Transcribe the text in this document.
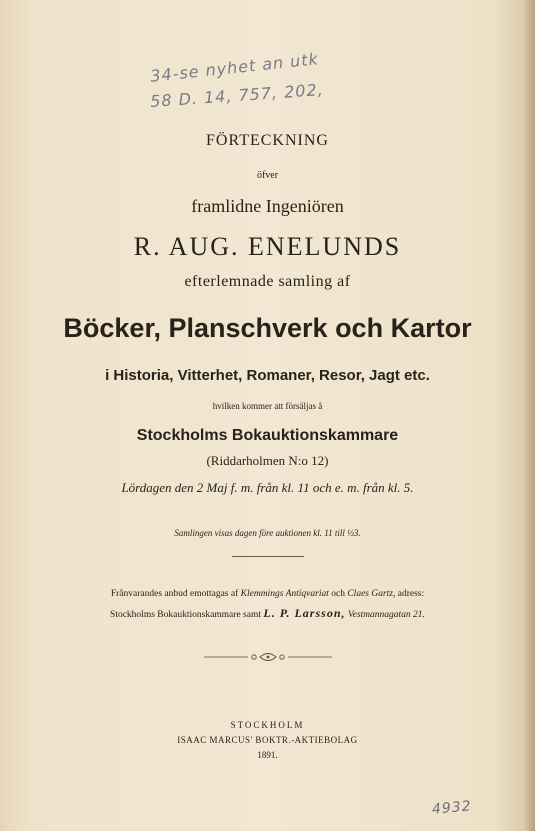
34-se nyhet an utk
58 D. 14, 757, 202,
FÖRTECKNING
öfver
framlidne Ingeniören
R. AUG. ENELUNDS
efterlemnade samling af
Böcker, Planschverk och Kartor
i Historia, Vitterhet, Romaner, Resor, Jagt etc.
hvilken kommer att försäljas å
Stockholms Bokauktionskammare
(Riddarholmen N:o 12)
Lördagen den 2 Maj f. m. från kl. 11 och e. m. från kl. 5.
Samlingen visas dagen före auktionen kl. 11 till ½3.
Frånvarandes anbud emottagas af Klemmings Antiqvariat och Claes Gartz, adress:
Stockholms Bokauktionskammare samt L. P. Larsson, Vestmannagatan 21.
STOCKHOLM
ISAAC MARCUS' BOKTR.-AKTIEBOLAG
1891.
4932
